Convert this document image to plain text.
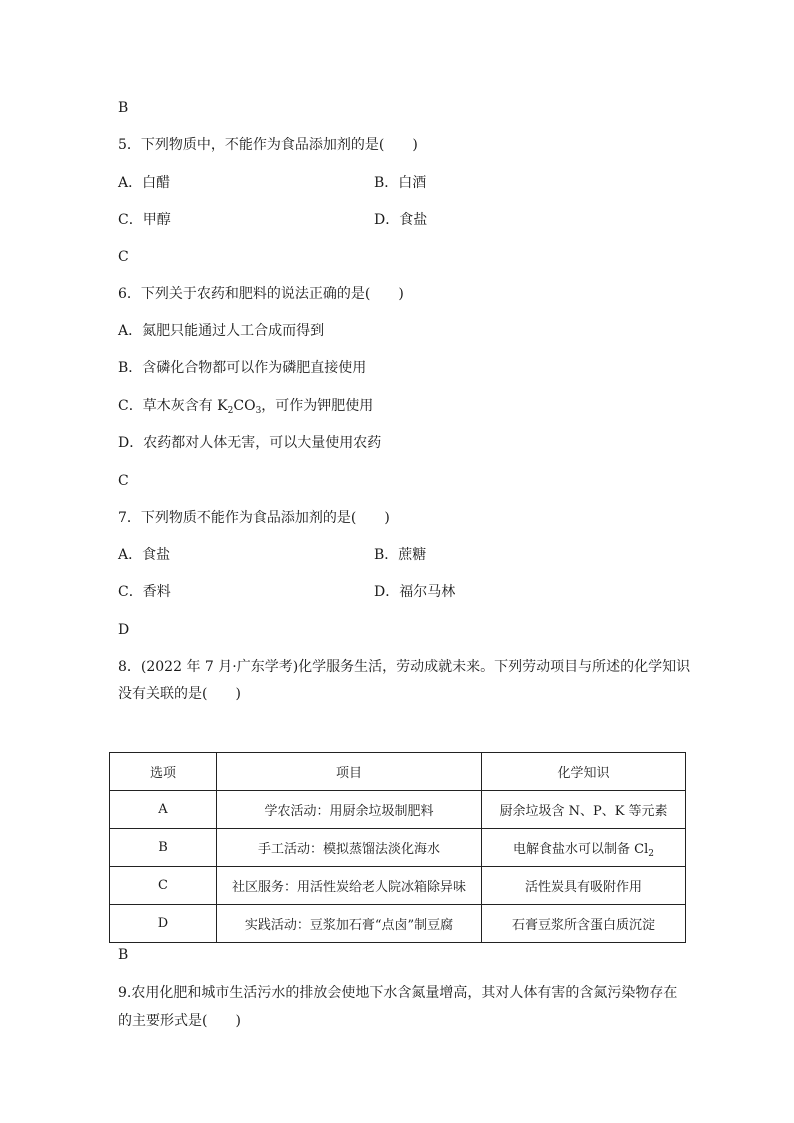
B
5．下列物质中，不能作为食品添加剂的是(　　)
A．白醋	B．白酒
C．甲醇	D．食盐
C
6．下列关于农药和肥料的说法正确的是(　　)
A．氮肥只能通过人工合成而得到
B．含磷化合物都可以作为磷肥直接使用
C．草木灰含有 $K_2CO_3$，可作为钾肥使用
D．农药都对人体无害，可以大量使用农药
C
7．下列物质不能作为食品添加剂的是(　　)
A．食盐	B．蔗糖
C．香料	D．福尔马林
D
8．(2022 年 7 月·广东学考)化学服务生活，劳动成就未来。下列劳动项目与所述的化学知识
没有关联的是(　　)
选项	项目	化学知识
A	学农活动：用厨余垃圾制肥料	厨余垃圾含 N、P、K 等元素
B	手工活动：模拟蒸馏法淡化海水	电解食盐水可以制备 $Cl_2$
C	社区服务：用活性炭给老人院冰箱除异味	活性炭具有吸附作用
D	实践活动：豆浆加石膏“点卤”制豆腐	石膏豆浆所含蛋白质沉淀
B
9.农用化肥和城市生活污水的排放会使地下水含氮量增高，其对人体有害的含氮污染物存在
的主要形式是(　　)
